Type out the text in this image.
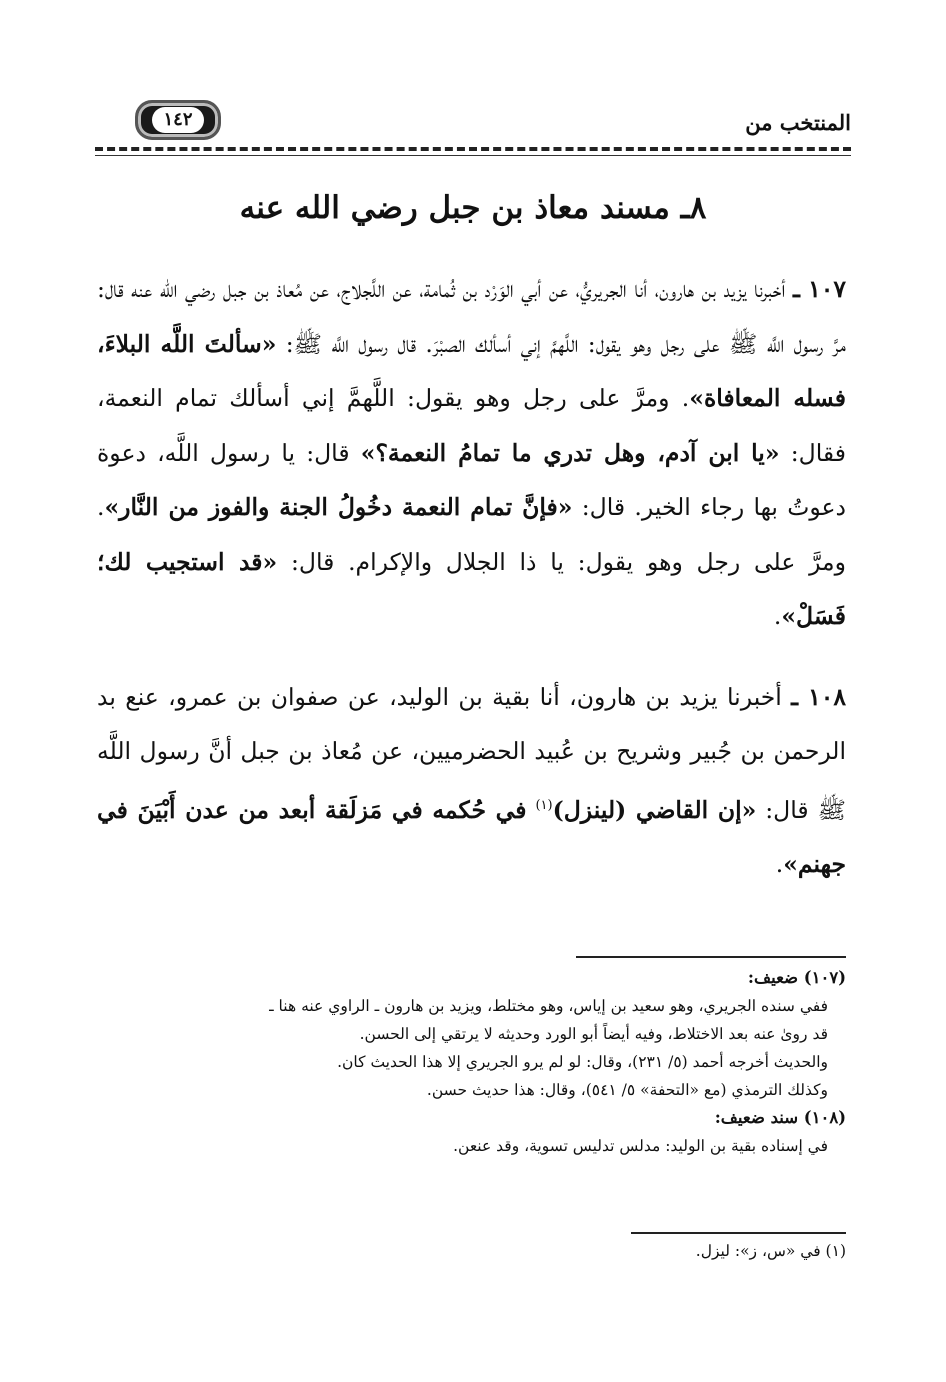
المنتخب من
١٤٢
٨ـ مسند معاذ بن جبل رضي الله عنه

١٠٧ ـ أخبرنا يزيد بن هارون، أنا الجريريُّ، عن أبي الوَرْد بن ثُمامة، عن اللَّجلاج، عن مُعاذ بن جبل رضي الله عنه قال: مرَّ رسول اللَّه ﷺ على رجل وهو يقول: اللَّهمَّ إني أسألك الصبْرَ. قال رسول اللَّه ﷺ: «سألتَ اللَّه البلاءَ، فسله المعافاة». ومرَّ على رجل وهو يقول: اللَّهمَّ إني أسألك تمام النعمة، فقال: «يا ابن آدم، وهل تدري ما تمامُ النعمة؟» قال: يا رسول اللَّه، دعوة دعوتُ بها رجاء الخير. قال: «فإنَّ تمام النعمة دخُولُ الجنة والفوز من النَّار». ومرَّ على رجل وهو يقول: يا ذا الجلال والإكرام. قال: «قد استجيب لك؛ فَسَلْ».

١٠٨ ـ أخبرنا يزيد بن هارون، أنا بقية بن الوليد، عن صفوان بن عمرو، عنع بد الرحمن بن جُبير وشريح بن عُبيد الحضرميين، عن مُعاذ بن جبل أنَّ رسول اللَّه ﷺ قال: «إن القاضي (لينزل)$^{(١)}$ في حُكمه في مَزلَقة أبعد من عدن أَبْيَنَ في جهنم».

(١٠٧) ضعيف:
ففي سنده الجريري، وهو سعيد بن إياس، وهو مختلط، ويزيد بن هارون ـ الراوي عنه هنا ـ
قد روىٰ عنه بعد الاختلاط، وفيه أيضاً أبو الورد وحديثه لا يرتقي إلى الحسن.
والحديث أخرجه أحمد (٥/ ٢٣١)، وقال: لو لم يرو الجريري إلا هذا الحديث كان.
وكذلك الترمذي (مع «التحفة» ٥/ ٥٤١)، وقال: هذا حديث حسن.
(١٠٨) سند ضعيف:
في إسناده بقية بن الوليد: مدلس تدليس تسوية، وقد عنعن.
(١) في «س، ز»: ليزل.
